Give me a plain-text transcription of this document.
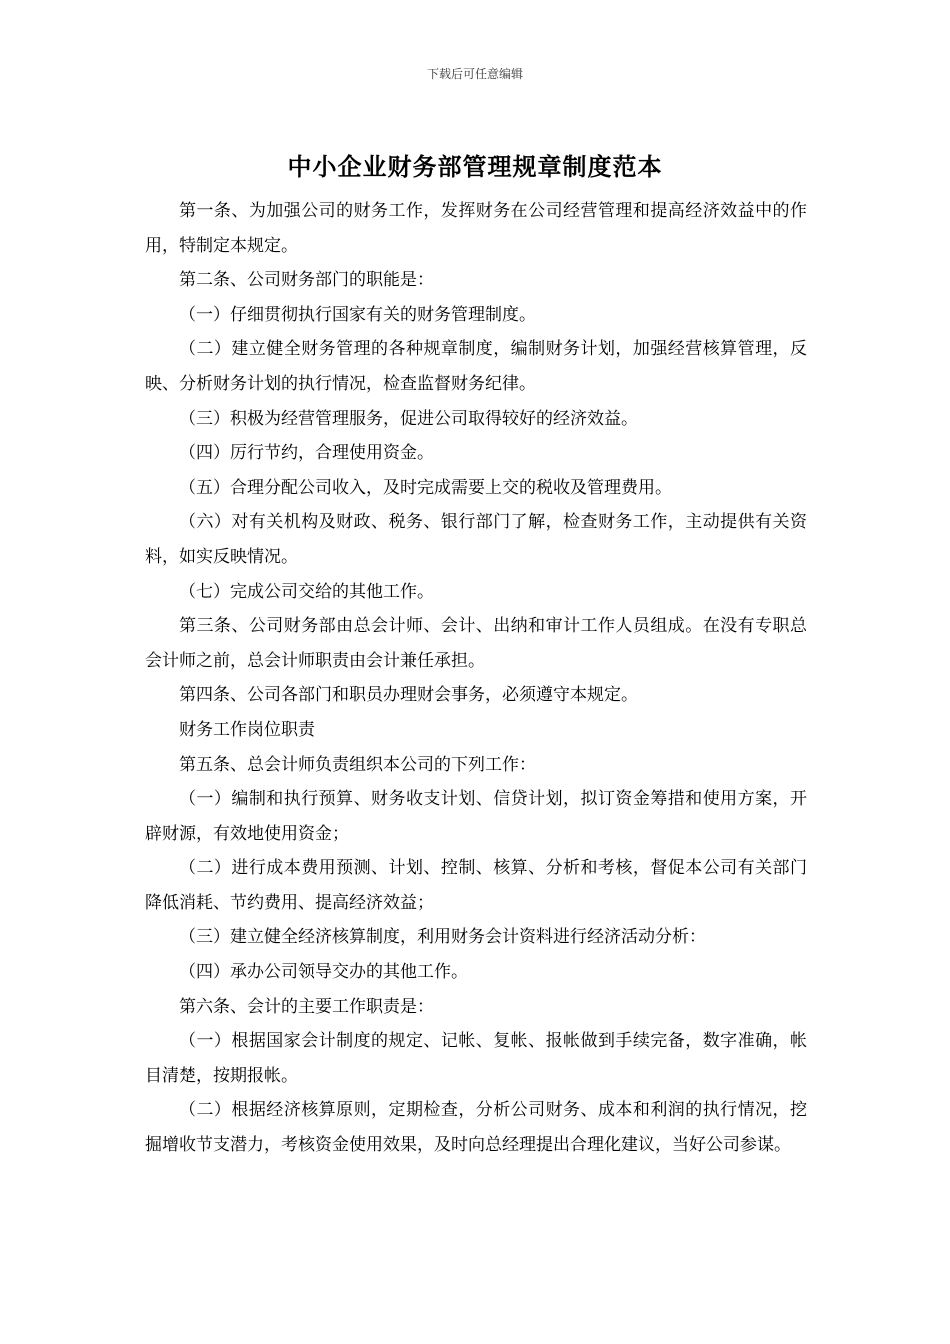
下载后可任意编辑
中小企业财务部管理规章制度范本

第一条、为加强公司的财务工作，发挥财务在公司经营管理和提高经济效益中的作用，特制定本规定。

第二条、公司财务部门的职能是：

（一）仔细贯彻执行国家有关的财务管理制度。

（二）建立健全财务管理的各种规章制度，编制财务计划，加强经营核算管理，反映、分析财务计划的执行情况，检查监督财务纪律。

（三）积极为经营管理服务，促进公司取得较好的经济效益。

（四）厉行节约，合理使用资金。

（五）合理分配公司收入，及时完成需要上交的税收及管理费用。

（六）对有关机构及财政、税务、银行部门了解，检查财务工作，主动提供有关资料，如实反映情况。

（七）完成公司交给的其他工作。

第三条、公司财务部由总会计师、会计、出纳和审计工作人员组成。在没有专职总会计师之前，总会计师职责由会计兼任承担。

第四条、公司各部门和职员办理财会事务，必须遵守本规定。

财务工作岗位职责

第五条、总会计师负责组织本公司的下列工作：

（一）编制和执行预算、财务收支计划、信贷计划，拟订资金筹措和使用方案，开辟财源，有效地使用资金；

（二）进行成本费用预测、计划、控制、核算、分析和考核，督促本公司有关部门降低消耗、节约费用、提高经济效益；

（三）建立健全经济核算制度，利用财务会计资料进行经济活动分析：

（四）承办公司领导交办的其他工作。

第六条、会计的主要工作职责是：

（一）根据国家会计制度的规定、记帐、复帐、报帐做到手续完备，数字准确，帐目清楚，按期报帐。

（二）根据经济核算原则，定期检查，分析公司财务、成本和利润的执行情况，挖掘增收节支潜力，考核资金使用效果，及时向总经理提出合理化建议，当好公司参谋。
